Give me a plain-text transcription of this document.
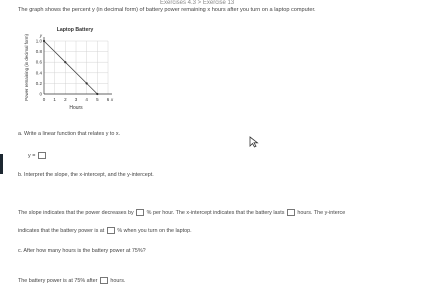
Exercises 4.3 > Exercise 13
The graph shows the percent y (in decimal form) of battery power remaining x hours after you turn on a laptop computer.
Laptop Battery
0 1 2 3 4 5 6 x
0
0.2
0.4
0.6
0.8
1.0
y
Hours
Power remaining (in decimal form)
a. Write a linear function that relates y to x.
y =
b. Interpret the slope, the x-intercept, and the y-intercept.
The slope indicates that the power decreases by % per hour. The x-intercept indicates that the battery lasts hours. The y-interce
indicates that the battery power is at % when you turn on the laptop.
c. After how many hours is the battery power at 75%?
The battery power is at 75% after hours.
